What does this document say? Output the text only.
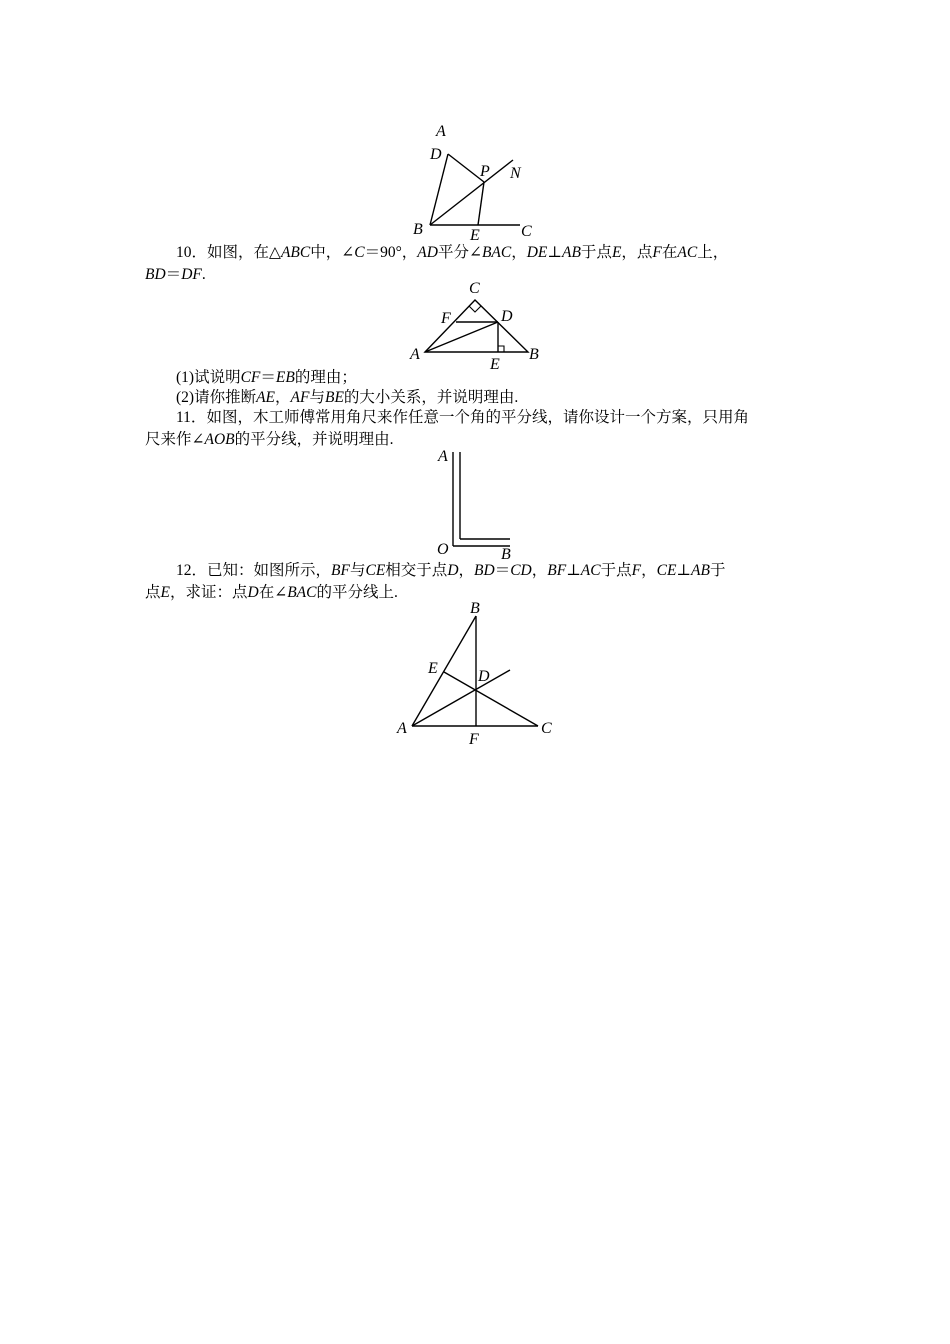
A
D
P N
B	E	C
10．如图，在△ABC中，∠C＝90°，AD平分∠BAC，DE⊥AB于点E，点F在AC上，
BD＝DF.
C
F	D
A
E
B
(1)试说明CF＝EB的理由；
(2)请你推断AE，AF与BE的大小关系，并说明理由.
11．如图，木工师傅常用角尺来作任意一个角的平分线，请你设计一个方案，只用角
尺来作∠AOB的平分线，并说明理由.
A
O	B
12．已知：如图所示，BF与CE相交于点D，BD＝CD，BF⊥AC于点F，CE⊥AB于
点E，求证：点D在∠BAC的平分线上.
B
E	D
A
F
C
